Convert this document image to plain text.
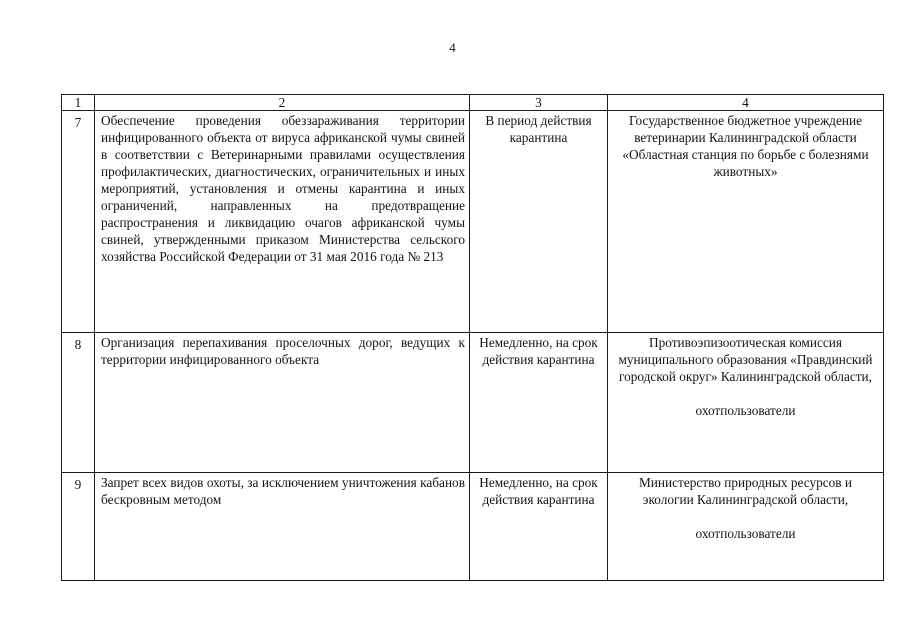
4
1	2	3	4
7	Обеспечение проведения обеззараживания территории инфицированного объекта от вируса африканской чумы свиней в соответствии с Ветеринарными правилами осуществления профилактических, диагностических, ограничительных и иных мероприятий, установления и отмены карантина и иных ограничений, направленных на предотвращение распространения и ликвидацию очагов африканской чумы свиней, утвержденными приказом Министерства сельского хозяйства Российской Федерации от 31 мая 2016 года № 213	В период действия карантина	Государственное бюджетное учреждение ветеринарии Калининградской области «Областная станция по борьбе с болезнями животных»

8	Организация перепахивания проселочных дорог, ведущих к территории инфицированного объекта	Немедленно, на срок действия карантина	Противоэпизоотическая комиссия муниципального образования «Правдинский городской округ» Калининградской области,
охотпользователи

9	Запрет всех видов охоты, за исключением уничтожения кабанов бескровным методом	Немедленно, на срок действия карантина	Министерство природных ресурсов и экологии Калининградской области,
охотпользователи
